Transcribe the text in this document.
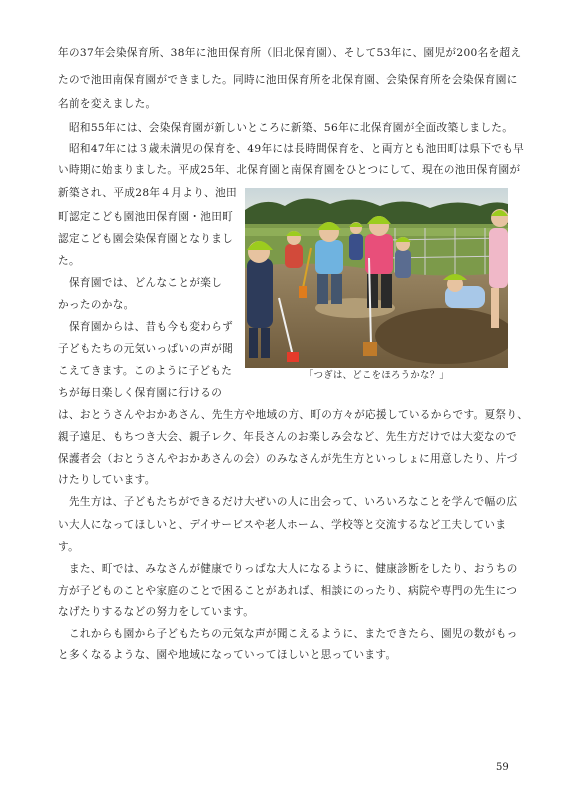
年の37年会染保育所、38年に池田保育所（旧北保育園）、そして53年に、園児が200名を超え

たので池田南保育園ができました。同時に池田保育所を北保育園、会染保育所を会染保育園に

名前を変えました。

　昭和55年には、会染保育園が新しいところに新築、56年に北保育園が全面改築しました。

　昭和47年には３歳未満児の保育を、49年には長時間保育を、と両方とも池田町は県下でも早

い時期に始まりました。平成25年、北保育園と南保育園をひとつにして、現在の池田保育園が

新築され、平成28年４月より、池田

町認定こども園池田保育園・池田町

認定こども園会染保育園となりまし

た。

　保育園では、どんなことが楽し

かったのかな。

　保育園からは、昔も今も変わらず

子どもたちの元気いっぱいの声が聞

こえてきます。このように子どもた

ちが毎日楽しく保育園に行けるの

は、おとうさんやおかあさん、先生方や地域の方、町の方々が応援しているからです。夏祭り、

親子遠足、もちつき大会、親子レク、年長さんのお楽しみ会など、先生方だけでは大変なので

保護者会（おとうさんやおかあさんの会）のみなさんが先生方といっしょに用意したり、片づ

けたりしています。

　先生方は、子どもたちができるだけ大ぜいの人に出会って、いろいろなことを学んで幅の広

い大人になってほしいと、デイサービスや老人ホーム、学校等と交流するなど工夫していま

す。

　また、町では、みなさんが健康でりっぱな大人になるように、健康診断をしたり、おうちの

方が子どものことや家庭のことで困ることがあれば、相談にのったり、病院や専門の先生につ

なげたりするなどの努力をしています。

　これからも園から子どもたちの元気な声が聞こえるように、またできたら、園児の数がもっ

と多くなるような、園や地域になっていってほしいと思っています。

「つぎは、どこをほろうかな？」
59
